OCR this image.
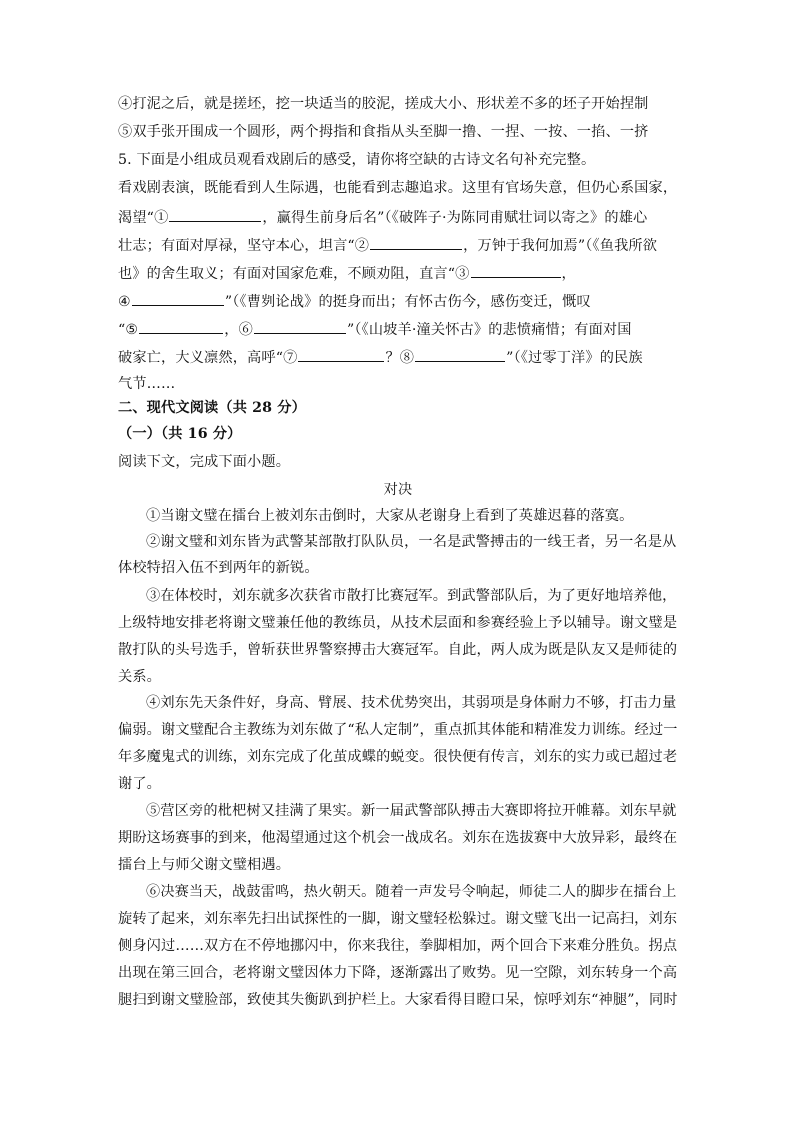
④打泥之后，就是搓坯，挖一块适当的胶泥，搓成大小、形状差不多的坯子开始捏制
⑤双手张开围成一个圆形，两个拇指和食指从头至脚一撸、一捏、一按、一掐、一挤
5. 下面是小组成员观看戏剧后的感受，请你将空缺的古诗文名句补充完整。
看戏剧表演，既能看到人生际遇，也能看到志趣追求。这里有官场失意，但仍心系国家，
渴望“①	，赢得生前身后名”（《破阵子·为陈同甫赋壮词以寄之》的雄心
壮志；有面对厚禄，坚守本心，坦言“②	，万钟于我何加焉”（《鱼我所欲
也》的舍生取义；有面对国家危难，不顾劝阻，直言“③	，
④	”（《曹刿论战》的挺身而出；有怀古伤今，感伤变迁，慨叹
“⑤	，⑥	”（《山坡羊·潼关怀古》的悲愤痛惜；有面对国
破家亡，大义凛然，高呼“⑦	？⑧	”（《过零丁洋》的民族
气节……
二、现代文阅读（共 28 分）
（一）（共 16 分）
阅读下文，完成下面小题。
对决
①当谢文璧在擂台上被刘东击倒时，大家从老谢身上看到了英雄迟暮的落寞。
②谢文璧和刘东皆为武警某部散打队队员，一名是武警搏击的一线王者，另一名是从
体校特招入伍不到两年的新锐。
③在体校时，刘东就多次获省市散打比赛冠军。到武警部队后，为了更好地培养他，
上级特地安排老将谢文璧兼任他的教练员，从技术层面和参赛经验上予以辅导。谢文璧是
散打队的头号选手，曾斩获世界警察搏击大赛冠军。自此，两人成为既是队友又是师徒的
关系。
④刘东先天条件好，身高、臂展、技术优势突出，其弱项是身体耐力不够，打击力量
偏弱。谢文璧配合主教练为刘东做了“私人定制”，重点抓其体能和精准发力训练。经过一
年多魔鬼式的训练，刘东完成了化茧成蝶的蜕变。很快便有传言，刘东的实力或已超过老
谢了。
⑤营区旁的枇杷树又挂满了果实。新一届武警部队搏击大赛即将拉开帷幕。刘东早就
期盼这场赛事的到来，他渴望通过这个机会一战成名。刘东在选拔赛中大放异彩，最终在
擂台上与师父谢文璧相遇。
⑥决赛当天，战鼓雷鸣，热火朝天。随着一声发号令响起，师徒二人的脚步在擂台上
旋转了起来，刘东率先扫出试探性的一脚，谢文璧轻松躲过。谢文璧飞出一记高扫，刘东
侧身闪过……双方在不停地挪闪中，你来我往，拳脚相加，两个回合下来难分胜负。拐点
出现在第三回合，老将谢文璧因体力下降，逐渐露出了败势。见一空隙，刘东转身一个高
腿扫到谢文璧脸部，致使其失衡趴到护栏上。大家看得目瞪口呆，惊呼刘东“神腿”，同时
